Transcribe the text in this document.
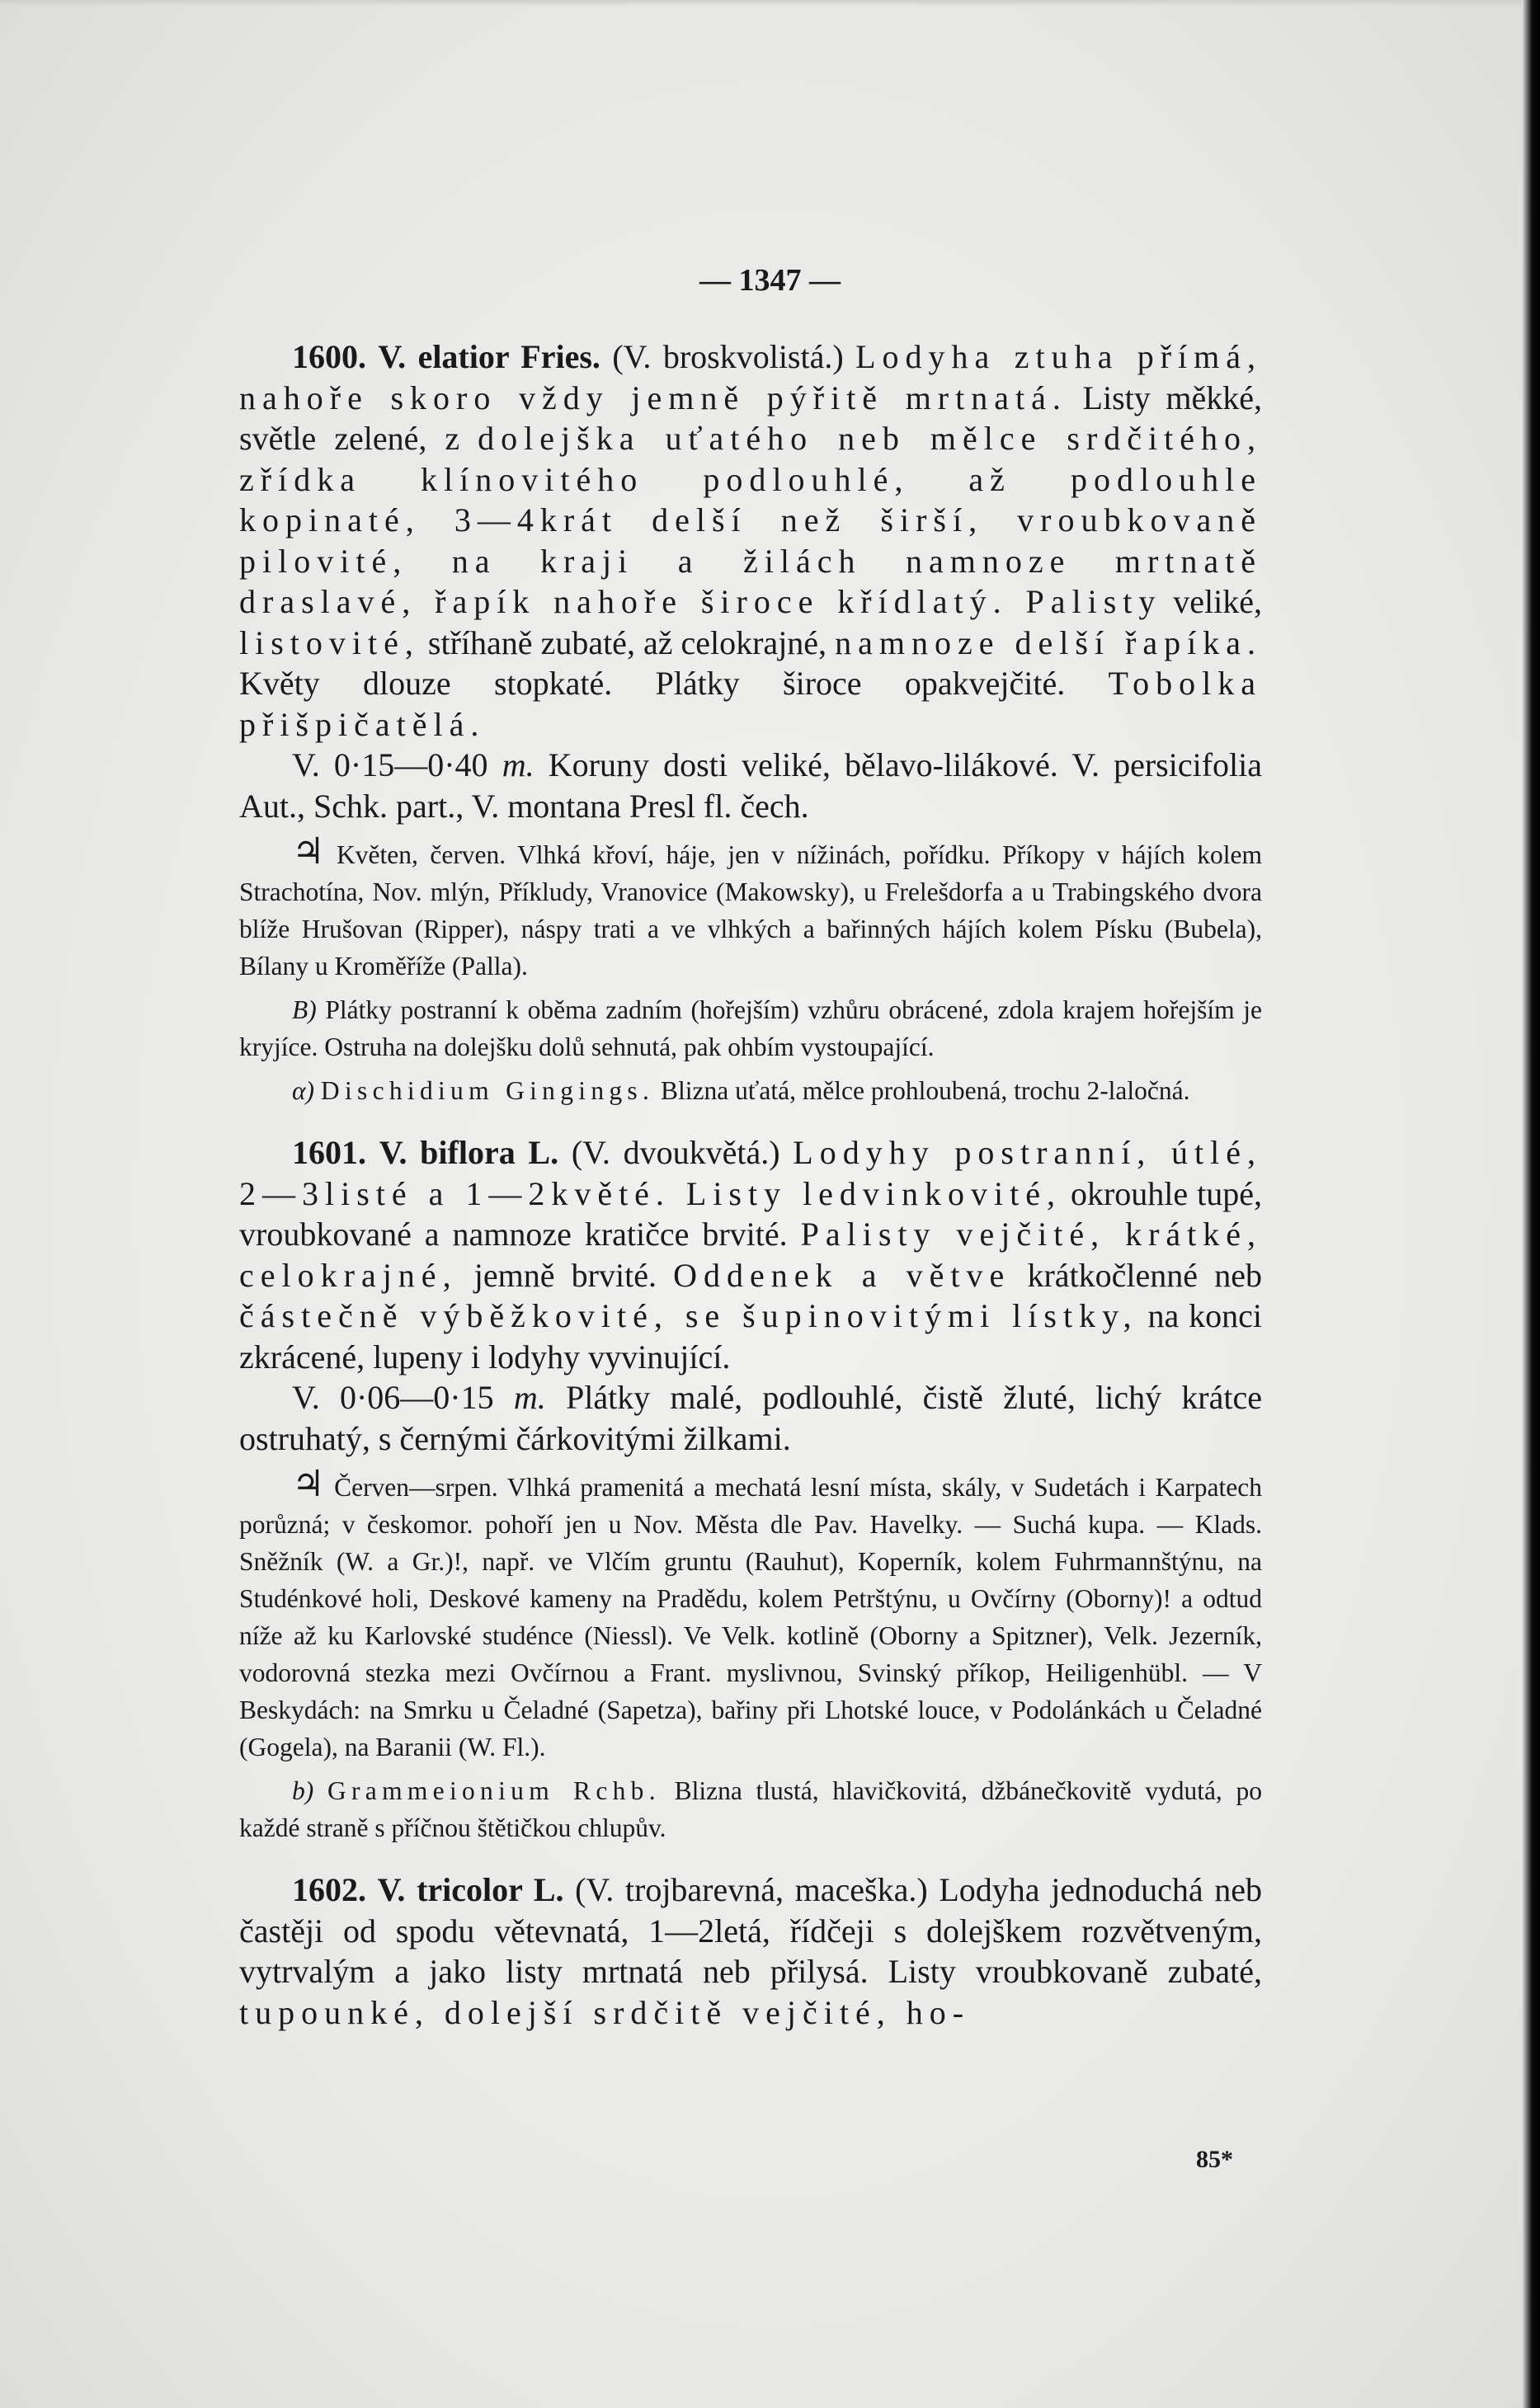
— 1347 —

1600. V. elatior Fries. (V. broskvolistá.) Lodyha ztuha přímá, nahoře skoro vždy jemně pýřitě mrtnatá. Listy měkké, světle zelené, z dolejška uťatého neb mělce srdčitého, zřídka klínovitého podlouhlé, až podlouhle kopinaté, 3—4krát delší než širší, vroubkovaně pilovité, na kraji a žilách namnoze mrtnatě draslavé, řapík nahoře široce křídlatý. Palisty veliké, listovité, stříhaně zubaté, až celokrajné, namnoze delší řapíka. Květy dlouze stopkaté. Plátky široce opakvejčité. Tobolka přišpičatělá.

V. 0·15—0·40 m. Koruny dosti veliké, bělavo-lilákové. V. persicifolia Aut., Schk. part., V. montana Presl fl. čech.

♃ Květen, červen. Vlhká křoví, háje, jen v nížinách, pořídku. Příkopy v hájích kolem Strachotína, Nov. mlýn, Příkludy, Vranovice (Makowsky), u Frelešdorfa a u Trabingského dvora blíže Hrušovan (Ripper), náspy trati a ve vlhkých a bařinných hájích kolem Písku (Bubela), Bílany u Kroměříže (Palla).

B) Plátky postranní k oběma zadním (hořejším) vzhůru obrácené, zdola krajem hořejším je kryjíce. Ostruha na dolejšku dolů sehnutá, pak ohbím vystoupající.

α) Dischidium Gingings. Blizna uťatá, mělce prohloubená, trochu 2-laločná.

1601. V. biflora L. (V. dvoukvětá.) Lodyhy postranní, útlé, 2—3listé a 1—2květé. Listy ledvinkovité, okrouhle tupé, vroubkované a namnoze kratičce brvité. Palisty vejčité, krátké, celokrajné, jemně brvité. Oddenek a větve krátkočlenné neb částečně výběžkovité, se šupinovitými lístky, na konci zkrácené, lupeny i lodyhy vyvinující.

V. 0·06—0·15 m. Plátky malé, podlouhlé, čistě žluté, lichý krátce ostruhatý, s černými čárkovitými žilkami.

♃ Červen—srpen. Vlhká pramenitá a mechatá lesní místa, skály, v Sudetách i Karpatech porůzná; v českomor. pohoří jen u Nov. Města dle Pav. Havelky. — Suchá kupa. — Klads. Sněžník (W. a Gr.)!, např. ve Vlčím gruntu (Rauhut), Koperník, kolem Fuhrmannštýnu, na Studénkové holi, Deskové kameny na Pradědu, kolem Petrštýnu, u Ovčírny (Oborny)! a odtud níže až ku Karlovské studénce (Niessl). Ve Velk. kotlině (Oborny a Spitzner), Velk. Jezerník, vodorovná stezka mezi Ovčírnou a Frant. myslivnou, Svinský příkop, Heiligenhübl. — V Beskydách: na Smrku u Čeladné (Sapetza), bařiny při Lhotské louce, v Podolánkách u Čeladné (Gogela), na Baranii (W. Fl.).

b) Grammeionium Rchb. Blizna tlustá, hlavičkovitá, džbánečkovitě vydutá, po každé straně s příčnou štětičkou chlupův.

1602. V. tricolor L. (V. trojbarevná, maceška.) Lodyha jednoduchá neb častěji od spodu větevnatá, 1—2letá, řídčeji s dolejškem rozvětveným, vytrvalým a jako listy mrtnatá neb přilysá. Listy vroubkovaně zubaté, tupounké, dolejší srdčitě vejčité, ho-

85*
